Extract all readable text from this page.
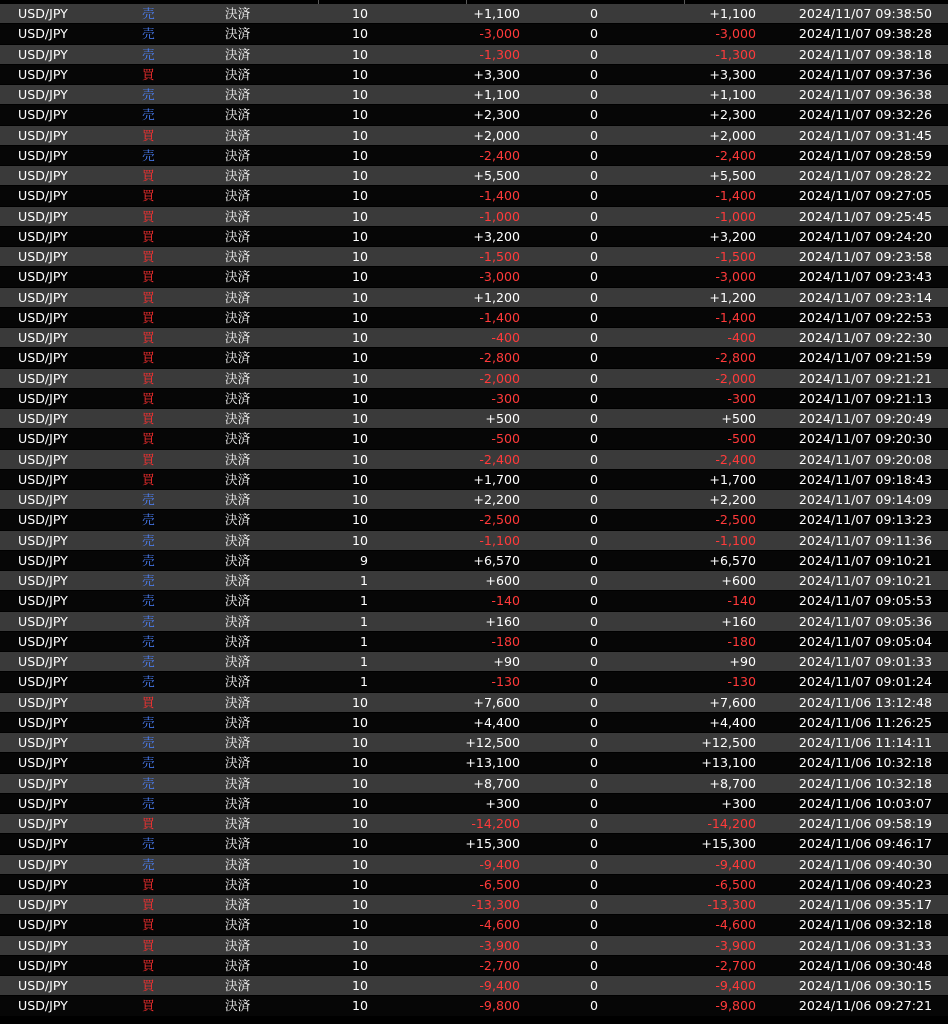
USD/JPY	売	決済	10	+1,100	0	+1,100	2024/11/07 09:38:50
USD/JPY	売	決済	10	-3,000	0	-3,000	2024/11/07 09:38:28
USD/JPY	売	決済	10	-1,300	0	-1,300	2024/11/07 09:38:18
USD/JPY	買	決済	10	+3,300	0	+3,300	2024/11/07 09:37:36
USD/JPY	売	決済	10	+1,100	0	+1,100	2024/11/07 09:36:38
USD/JPY	売	決済	10	+2,300	0	+2,300	2024/11/07 09:32:26
USD/JPY	買	決済	10	+2,000	0	+2,000	2024/11/07 09:31:45
USD/JPY	売	決済	10	-2,400	0	-2,400	2024/11/07 09:28:59
USD/JPY	買	決済	10	+5,500	0	+5,500	2024/11/07 09:28:22
USD/JPY	買	決済	10	-1,400	0	-1,400	2024/11/07 09:27:05
USD/JPY	買	決済	10	-1,000	0	-1,000	2024/11/07 09:25:45
USD/JPY	買	決済	10	+3,200	0	+3,200	2024/11/07 09:24:20
USD/JPY	買	決済	10	-1,500	0	-1,500	2024/11/07 09:23:58
USD/JPY	買	決済	10	-3,000	0	-3,000	2024/11/07 09:23:43
USD/JPY	買	決済	10	+1,200	0	+1,200	2024/11/07 09:23:14
USD/JPY	買	決済	10	-1,400	0	-1,400	2024/11/07 09:22:53
USD/JPY	買	決済	10	-400	0	-400	2024/11/07 09:22:30
USD/JPY	買	決済	10	-2,800	0	-2,800	2024/11/07 09:21:59
USD/JPY	買	決済	10	-2,000	0	-2,000	2024/11/07 09:21:21
USD/JPY	買	決済	10	-300	0	-300	2024/11/07 09:21:13
USD/JPY	買	決済	10	+500	0	+500	2024/11/07 09:20:49
USD/JPY	買	決済	10	-500	0	-500	2024/11/07 09:20:30
USD/JPY	買	決済	10	-2,400	0	-2,400	2024/11/07 09:20:08
USD/JPY	買	決済	10	+1,700	0	+1,700	2024/11/07 09:18:43
USD/JPY	売	決済	10	+2,200	0	+2,200	2024/11/07 09:14:09
USD/JPY	売	決済	10	-2,500	0	-2,500	2024/11/07 09:13:23
USD/JPY	売	決済	10	-1,100	0	-1,100	2024/11/07 09:11:36
USD/JPY	売	決済	9	+6,570	0	+6,570	2024/11/07 09:10:21
USD/JPY	売	決済	1	+600	0	+600	2024/11/07 09:10:21
USD/JPY	売	決済	1	-140	0	-140	2024/11/07 09:05:53
USD/JPY	売	決済	1	+160	0	+160	2024/11/07 09:05:36
USD/JPY	売	決済	1	-180	0	-180	2024/11/07 09:05:04
USD/JPY	売	決済	1	+90	0	+90	2024/11/07 09:01:33
USD/JPY	売	決済	1	-130	0	-130	2024/11/07 09:01:24
USD/JPY	買	決済	10	+7,600	0	+7,600	2024/11/06 13:12:48
USD/JPY	売	決済	10	+4,400	0	+4,400	2024/11/06 11:26:25
USD/JPY	売	決済	10	+12,500	0	+12,500	2024/11/06 11:14:11
USD/JPY	売	決済	10	+13,100	0	+13,100	2024/11/06 10:32:18
USD/JPY	売	決済	10	+8,700	0	+8,700	2024/11/06 10:32:18
USD/JPY	売	決済	10	+300	0	+300	2024/11/06 10:03:07
USD/JPY	買	決済	10	-14,200	0	-14,200	2024/11/06 09:58:19
USD/JPY	売	決済	10	+15,300	0	+15,300	2024/11/06 09:46:17
USD/JPY	売	決済	10	-9,400	0	-9,400	2024/11/06 09:40:30
USD/JPY	買	決済	10	-6,500	0	-6,500	2024/11/06 09:40:23
USD/JPY	買	決済	10	-13,300	0	-13,300	2024/11/06 09:35:17
USD/JPY	買	決済	10	-4,600	0	-4,600	2024/11/06 09:32:18
USD/JPY	買	決済	10	-3,900	0	-3,900	2024/11/06 09:31:33
USD/JPY	買	決済	10	-2,700	0	-2,700	2024/11/06 09:30:48
USD/JPY	買	決済	10	-9,400	0	-9,400	2024/11/06 09:30:15
USD/JPY	買	決済	10	-9,800	0	-9,800	2024/11/06 09:27:21
